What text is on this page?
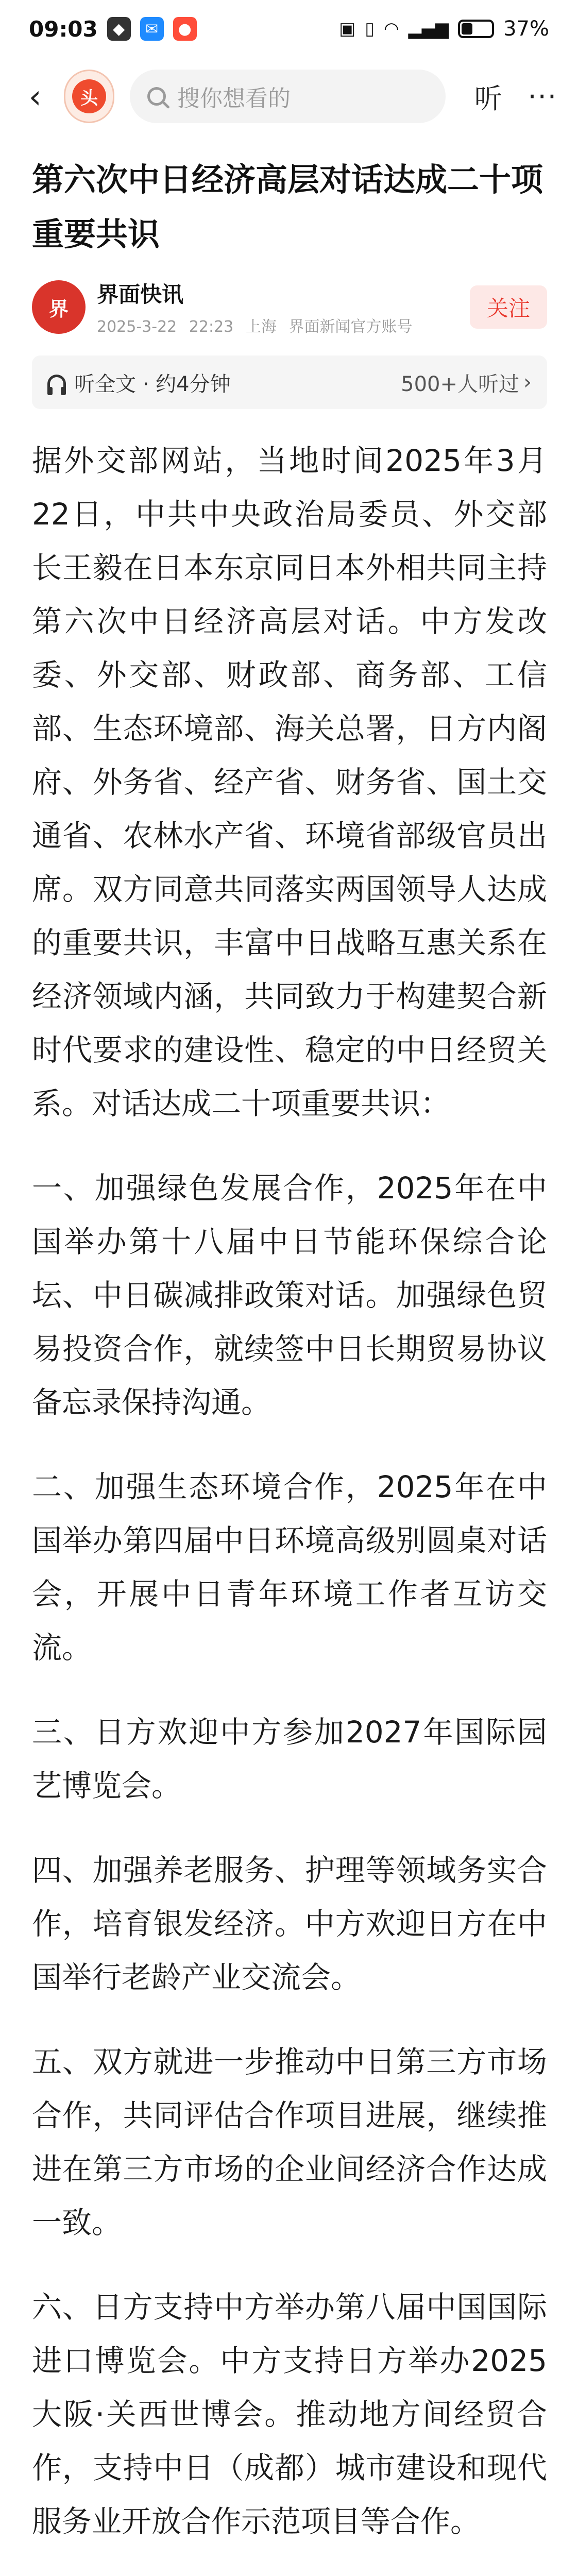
09:03 ◆	✉	●	▣ ▯ ◠ ▂▄▆	37%
‹	头	搜你想看的	听 ···
第六次中日经济高层对话达成二十项重要共识
界
界面快讯
2025-3-22 22:23 上海 界面新闻官方账号
关注
听全文 · 约4分钟	500+人听过 ›

据外交部网站，当地时间2025年3月22日，中共中央政治局委员、外交部长王毅在日本东京同日本外相共同主持第六次中日经济高层对话。中方发改委、外交部、财政部、商务部、工信部、生态环境部、海关总署，日方内阁府、外务省、经产省、财务省、国土交通省、农林水产省、环境省部级官员出席。双方同意共同落实两国领导人达成的重要共识，丰富中日战略互惠关系在经济领域内涵，共同致力于构建契合新时代要求的建设性、稳定的中日经贸关系。对话达成二十项重要共识：

一、加强绿色发展合作，2025年在中国举办第十八届中日节能环保综合论坛、中日碳减排政策对话。加强绿色贸易投资合作，就续签中日长期贸易协议备忘录保持沟通。

二、加强生态环境合作，2025年在中国举办第四届中日环境高级别圆桌对话会，开展中日青年环境工作者互访交流。

三、日方欢迎中方参加2027年国际园艺博览会。

四、加强养老服务、护理等领域务实合作，培育银发经济。中方欢迎日方在中国举行老龄产业交流会。

五、双方就进一步推动中日第三方市场合作，共同评估合作项目进展，继续推进在第三方市场的企业间经济合作达成一致。

六、日方支持中方举办第八届中国国际进口博览会。中方支持日方举办2025大阪·关西世博会。推动地方间经贸合作，支持中日（成都）城市建设和现代服务业开放合作示范项目等合作。
